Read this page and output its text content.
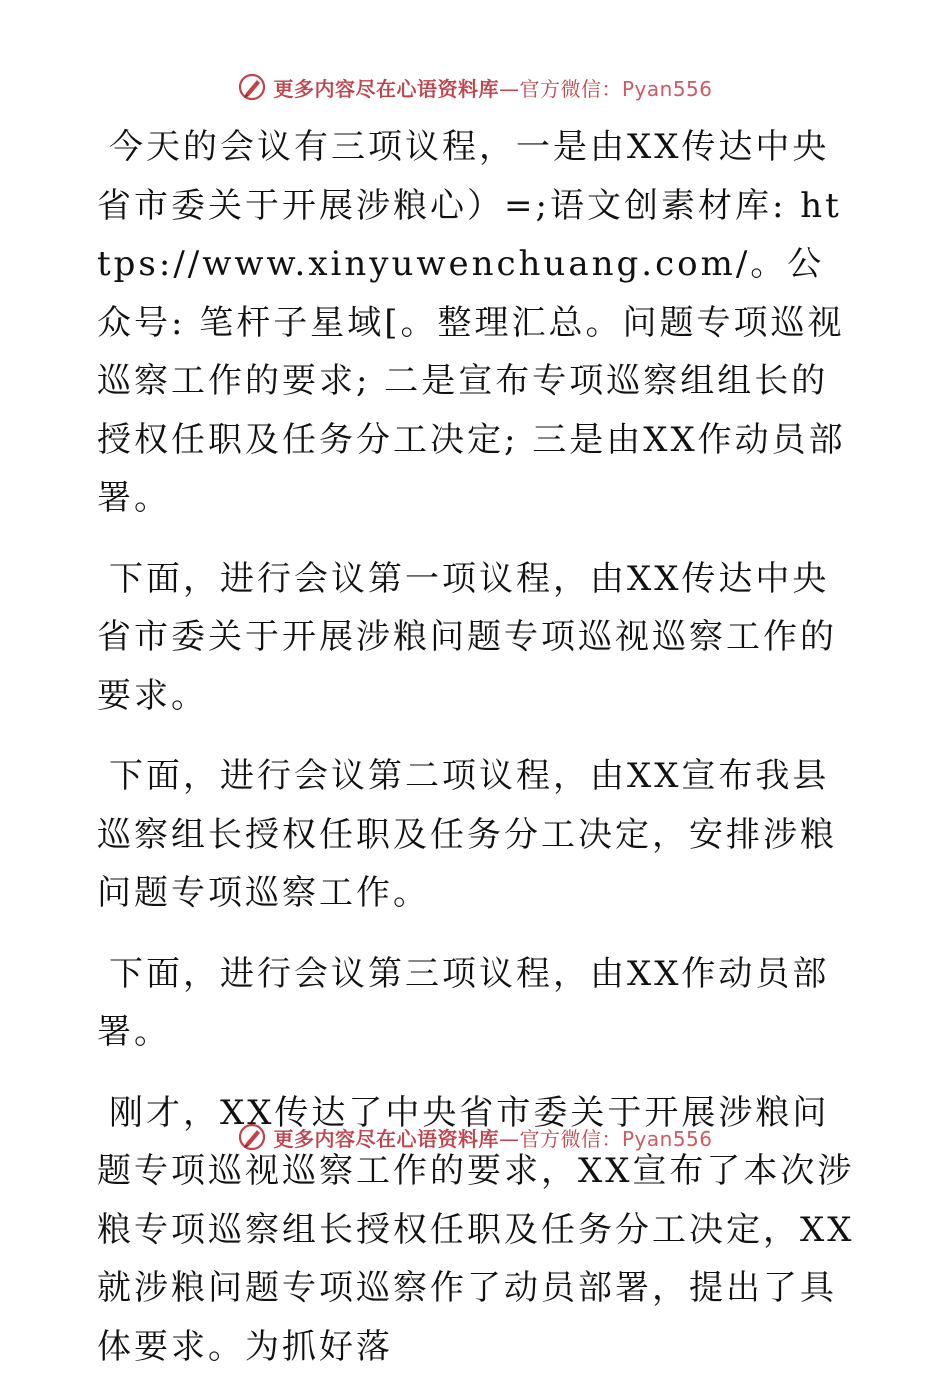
更多内容尽在心语资料库—官方微信：Pyan556

今天的会议有三项议程，一是由XX传达中央省市委关于开展涉粮心）=;语文创素材库: https://www.xinyuwenchuang.com/。公众号: 笔杆子星域[。整理汇总。问题专项巡视巡察工作的要求; 二是宣布专项巡察组组长的授权任职及任务分工决定; 三是由XX作动员部署。

下面，进行会议第一项议程，由XX传达中央省市委关于开展涉粮问题专项巡视巡察工作的要求。

下面，进行会议第二项议程，由XX宣布我县巡察组长授权任职及任务分工决定，安排涉粮问题专项巡察工作。

下面，进行会议第三项议程，由XX作动员部署。

刚才，XX传达了中央省市委关于开展涉粮问题专项巡视巡察工作的要求，XX宣布了本次涉粮专项巡察组长授权任职及任务分工决定，XX就涉粮问题专项巡察作了动员部署，提出了具体要求。为抓好落

更多内容尽在心语资料库—官方微信：Pyan556
